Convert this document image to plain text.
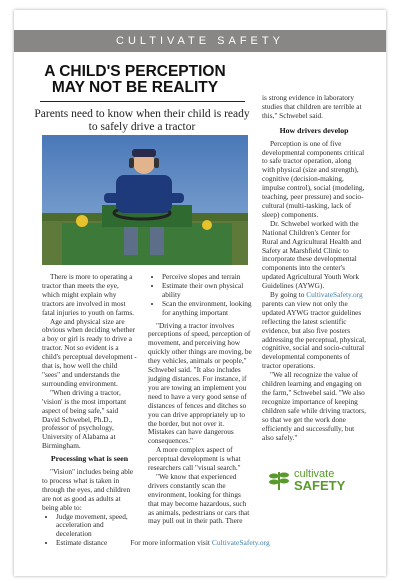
CULTIVATE SAFETY
A CHILD'S PERCEPTION
MAY NOT BE REALITY
Parents need to know when their child is ready to safely drive a tractor

There is more to operating a tractor than meets the eye, which might explain why tractors are involved in most fatal injuries to youth on farms.

Age and physical size are obvious when deciding whether a boy or girl is ready to drive a tractor. Not so evident is a child's perceptual development - that is, how well the child "sees" and understands the surrounding environment.

"When driving a tractor, 'vision' is the most important aspect of being safe," said David Schwebel, Ph.D., professor of psychology, University of Alabama at Birmingham.

Processing what is seen

"Vision" includes being able to process what is taken in through the eyes, and children are not as good as adults at being able to:

• Judge movement, speed, acceleration and deceleration
• Estimate distance
• Perceive slopes and terrain
• Estimate their own physical ability
• Scan the environment, looking for anything important

"Driving a tractor involves perceptions of speed, perception of movement, and perceiving how quickly other things are moving, be they vehicles, animals or people," Schwebel said. "It also includes judging distances. For instance, if you are towing an implement you need to have a very good sense of distances of fences and ditches so you can drive appropriately up to the border, but not over it. Mistakes can have dangerous consequences."

A more complex aspect of perceptual development is what researchers call "visual search."

"We know that experienced drivers constantly scan the environment, looking for things that may become hazardous, such as animals, pedestrians or cars that may pull out in their path. There

is strong evidence in laboratory studies that children are terrible at this," Schwebel said.

How drivers develop

Perception is one of five developmental components critical to safe tractor operation, along with physical (size and strength), cognitive (decision-making, impulse control), social (modeling, teaching, peer pressure) and socio-cultural (multi-tasking, lack of sleep) components.

Dr. Schwebel worked with the National Children's Center for Rural and Agricultural Health and Safety at Marshfield Clinic to incorporate these developmental components into the center's updated Agricultural Youth Work Guidelines (AYWG).

By going to CultivateSafety.org parents can view not only the updated AYWG tractor guidelines reflecting the latest scientific evidence, but also five posters addressing the perceptual, physical, cognitive, social and socio-cultural developmental components of tractor operations.

"We all recognize the value of children learning and engaging on the farm," Schwebel said. "We also recognize importance of keeping children safe while driving tractors, so that we get the work done efficiently and successfully, but also safely."

cultivate
SAFETY
For more information visit CultivateSafety.org
